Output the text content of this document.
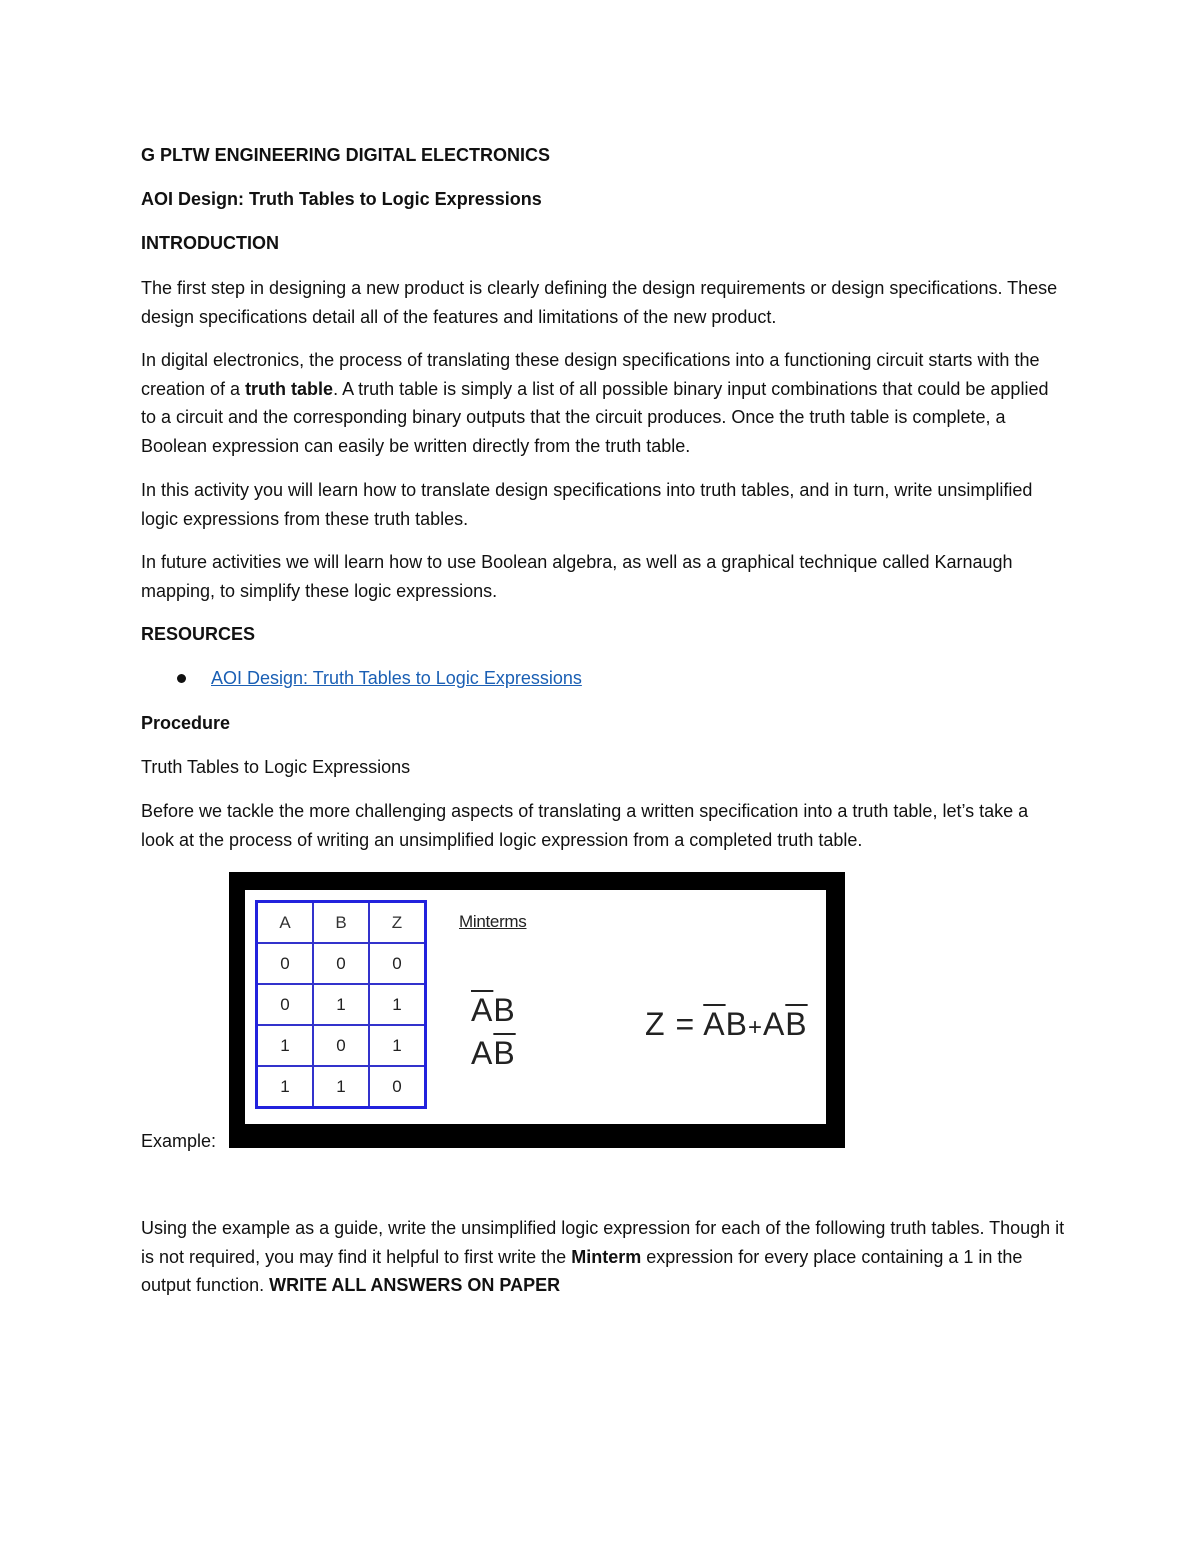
G PLTW ENGINEERING DIGITAL ELECTRONICS
AOI Design: Truth Tables to Logic Expressions
INTRODUCTION
The first step in designing a new product is clearly defining the design requirements or design specifications. These design specifications detail all of the features and limitations of the new product.
In digital electronics, the process of translating these design specifications into a functioning circuit starts with the creation of a truth table. A truth table is simply a list of all possible binary input combinations that could be applied to a circuit and the corresponding binary outputs that the circuit produces. Once the truth table is complete, a Boolean expression can easily be written directly from the truth table.
In this activity you will learn how to translate design specifications into truth tables, and in turn, write unsimplified logic expressions from these truth tables.
In future activities we will learn how to use Boolean algebra, as well as a graphical technique called Karnaugh mapping, to simplify these logic expressions.
RESOURCES
AOI Design: Truth Tables to Logic Expressions
Procedure
Truth Tables to Logic Expressions
Before we tackle the more challenging aspects of translating a written specification into a truth table, let’s take a look at the process of writing an unsimplified logic expression from a completed truth table.
Example:
Using the example as a guide, write the unsimplified logic expression for each of the following truth tables. Though it is not required, you may find it helpful to first write the Minterm expression for every place containing a 1 in the output function. WRITE ALL ANSWERS ON PAPER
A	B	Z
0	0	0
0	1	1
1	0	1
1	1	0
Minterms
$\overline{A}B$
$A\overline{B}$
$Z = \overline{A}B+A\overline{B}$
